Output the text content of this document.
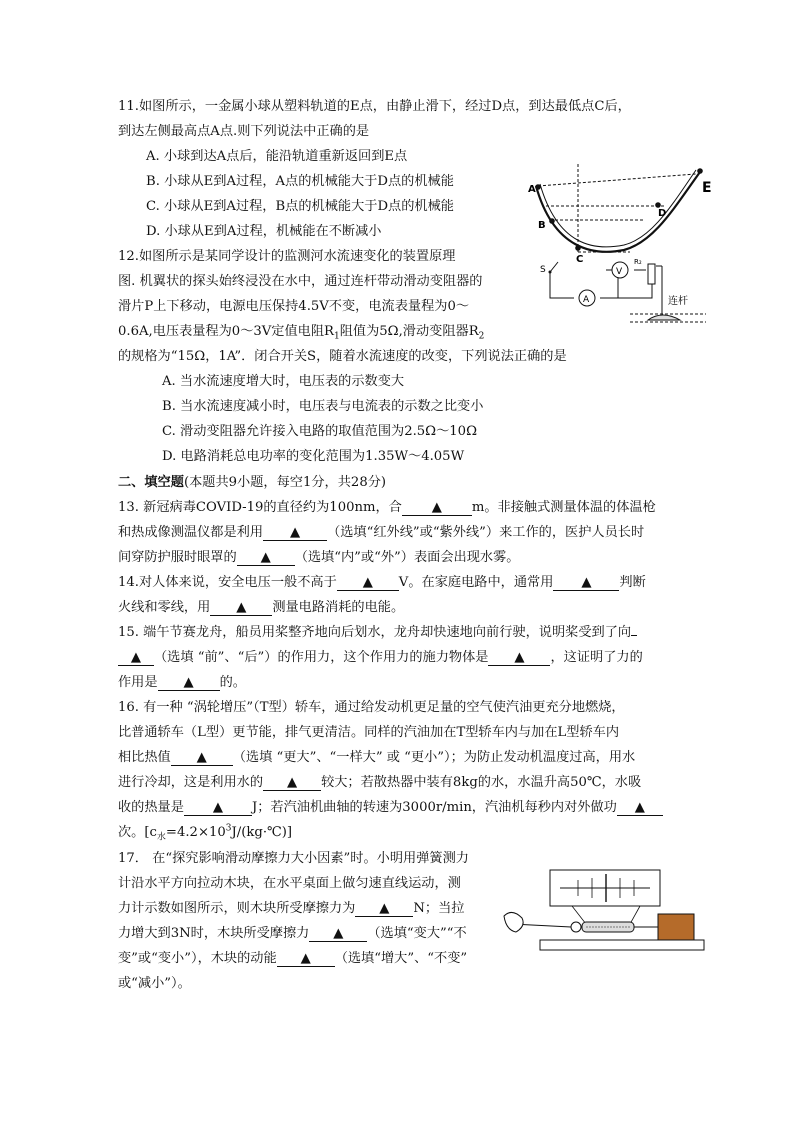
11.如图所示，一金属小球从塑料轨道的E点，由静止滑下，经过D点，到达最低点C后，
到达左侧最高点A点.则下列说法中正确的是
A. 小球到达A点后，能沿轨道重新返回到E点
B. 小球从E到A过程，A点的机械能大于D点的机械能
C. 小球从E到A过程，B点的机械能大于D点的机械能
D. 小球从E到A过程，机械能在不断减小
A
B
C
D
E
12.如图所示是某同学设计的监测河水流速变化的装置原理
图. 机翼状的探头始终浸没在水中，通过连杆带动滑动变阻器的
滑片P上下移动，电源电压保持4.5V不变，电流表量程为0～
0.6A,电压表量程为0～3V定值电阻$R_1$阻值为5Ω,滑动变阻器$R_2$
的规格为“15Ω，1A”．闭合开关S，随着水流速度的改变，下列说法正确的是
A. 当水流速度增大时，电压表的示数变大
B. 当水流速度减小时，电压表与电流表的示数之比变小
C. 滑动变阻器允许接入电路的取值范围为2.5Ω～10Ω
D. 电路消耗总电功率的变化范围为1.35W～4.05W
S
A
V
R₂
连杆
二、填空题(本题共9小题，每空1分，共28分)
13. 新冠病毒COVID-19的直径约为100nm，合 ▲ m。非接触式测量体温的体温枪
和热成像测温仪都是利用 ▲ （选填“红外线”或“紫外线”）来工作的，医护人员长时
间穿防护服时眼罩的 ▲ （选填“内”或“外”）表面会出现水雾。
14.对人体来说，安全电压一般不高于 ▲ V。在家庭电路中，通常用 ▲ 判断
火线和零线，用 ▲ 测量电路消耗的电能。
15. 端午节赛龙舟，船员用桨整齐地向后划水，龙舟却快速地向前行驶，说明桨受到了向
▲ （选填 “前”、“后”）的作用力，这个作用力的施力物体是 ▲ ，这证明了力的
作用是 ▲ 的。
16. 有一种 “涡轮增压”（T型）轿车，通过给发动机更足量的空气使汽油更充分地燃烧，
比普通轿车（L型）更节能，排气更清洁。同样的汽油加在T型轿车内与加在L型轿车内
相比热值 ▲ （选填 “更大”、“一样大” 或 “更小”）；为防止发动机温度过高，用水
进行冷却，这是利用水的 ▲ 较大；若散热器中装有8kg的水，水温升高50℃，水吸
收的热量是 ▲ J；若汽油机曲轴的转速为3000r/min，汽油机每秒内对外做功 ▲
次。$[c_水=4.2\times 10^3J/(kg\cdot℃)]$
17． 在“探究影响滑动摩擦力大小因素”时。小明用弹簧测力
计沿水平方向拉动木块，在水平桌面上做匀速直线运动，测
力计示数如图所示，则木块所受摩擦力为 ▲ N；当拉
力增大到3N时，木块所受摩擦力 ▲ （选填“变大”“不
变”或“变小”），木块的动能 ▲ （选填“增大”、“不变”
或“减小”）。
